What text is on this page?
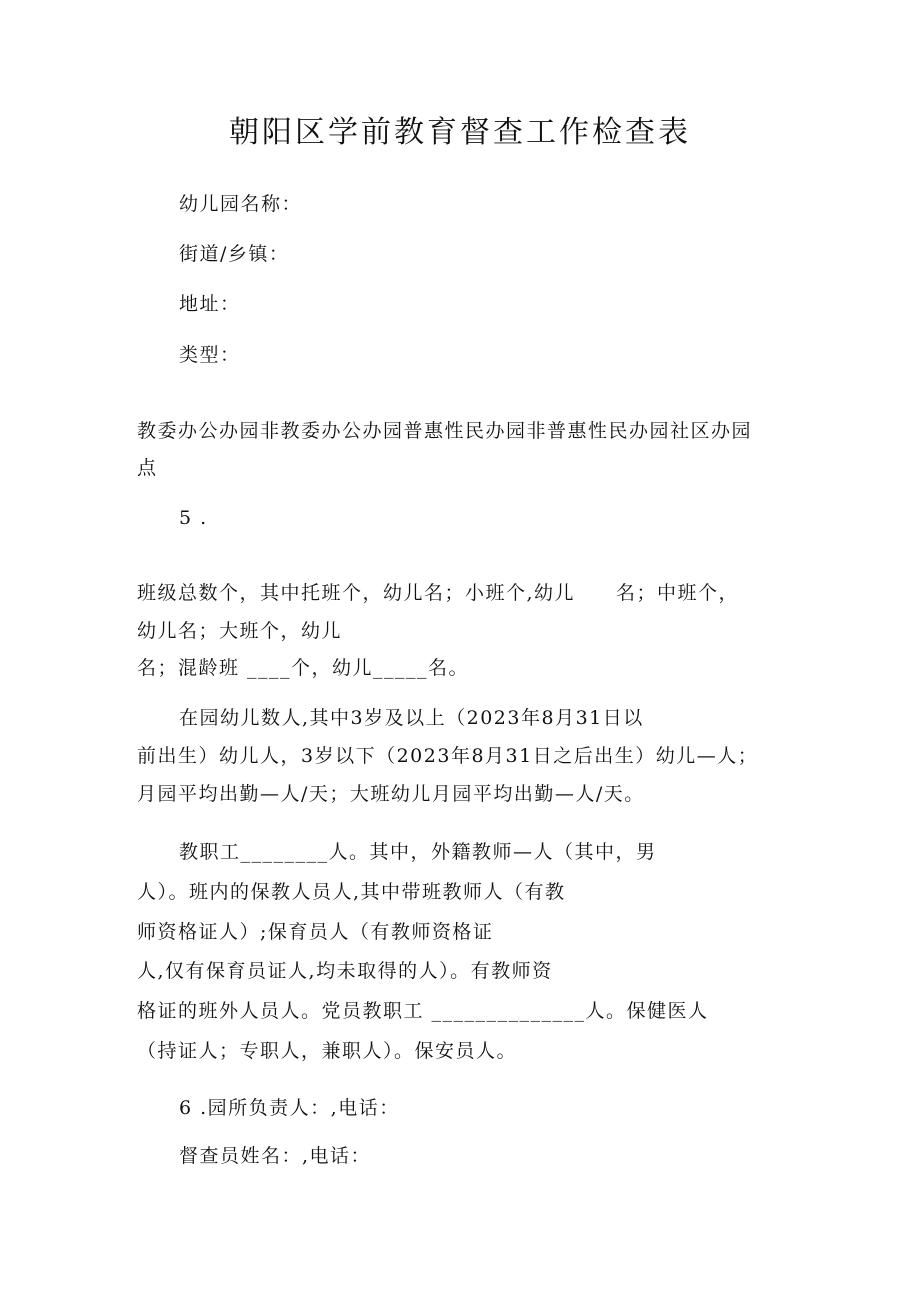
朝阳区学前教育督查工作检查表
幼儿园名称：
街道/乡镇：
地址：
类型：
教委办公办园非教委办公办园普惠性民办园非普惠性民办园社区办园
点
5 .
班级总数个，其中托班个，幼儿名；小班个,幼儿　　名；中班个，
幼儿名；大班个，幼儿
名；混龄班 ____个，幼儿_____名。
在园幼儿数人,其中3岁及以上（2023年8月31日以
前出生）幼儿人，3岁以下（2023年8月31日之后出生）幼儿—人；
月园平均出勤—人/天；大班幼儿月园平均出勤—人/天。
教职工________人。其中，外籍教师—人（其中，男
人）。班内的保教人员人,其中带班教师人（有教
师资格证人）;保育员人（有教师资格证
人,仅有保育员证人,均未取得的人）。有教师资
格证的班外人员人。党员教职工 ______________人。保健医人
（持证人；专职人，兼职人）。保安员人。
6 .园所负责人：,电话：
督查员姓名：,电话：
